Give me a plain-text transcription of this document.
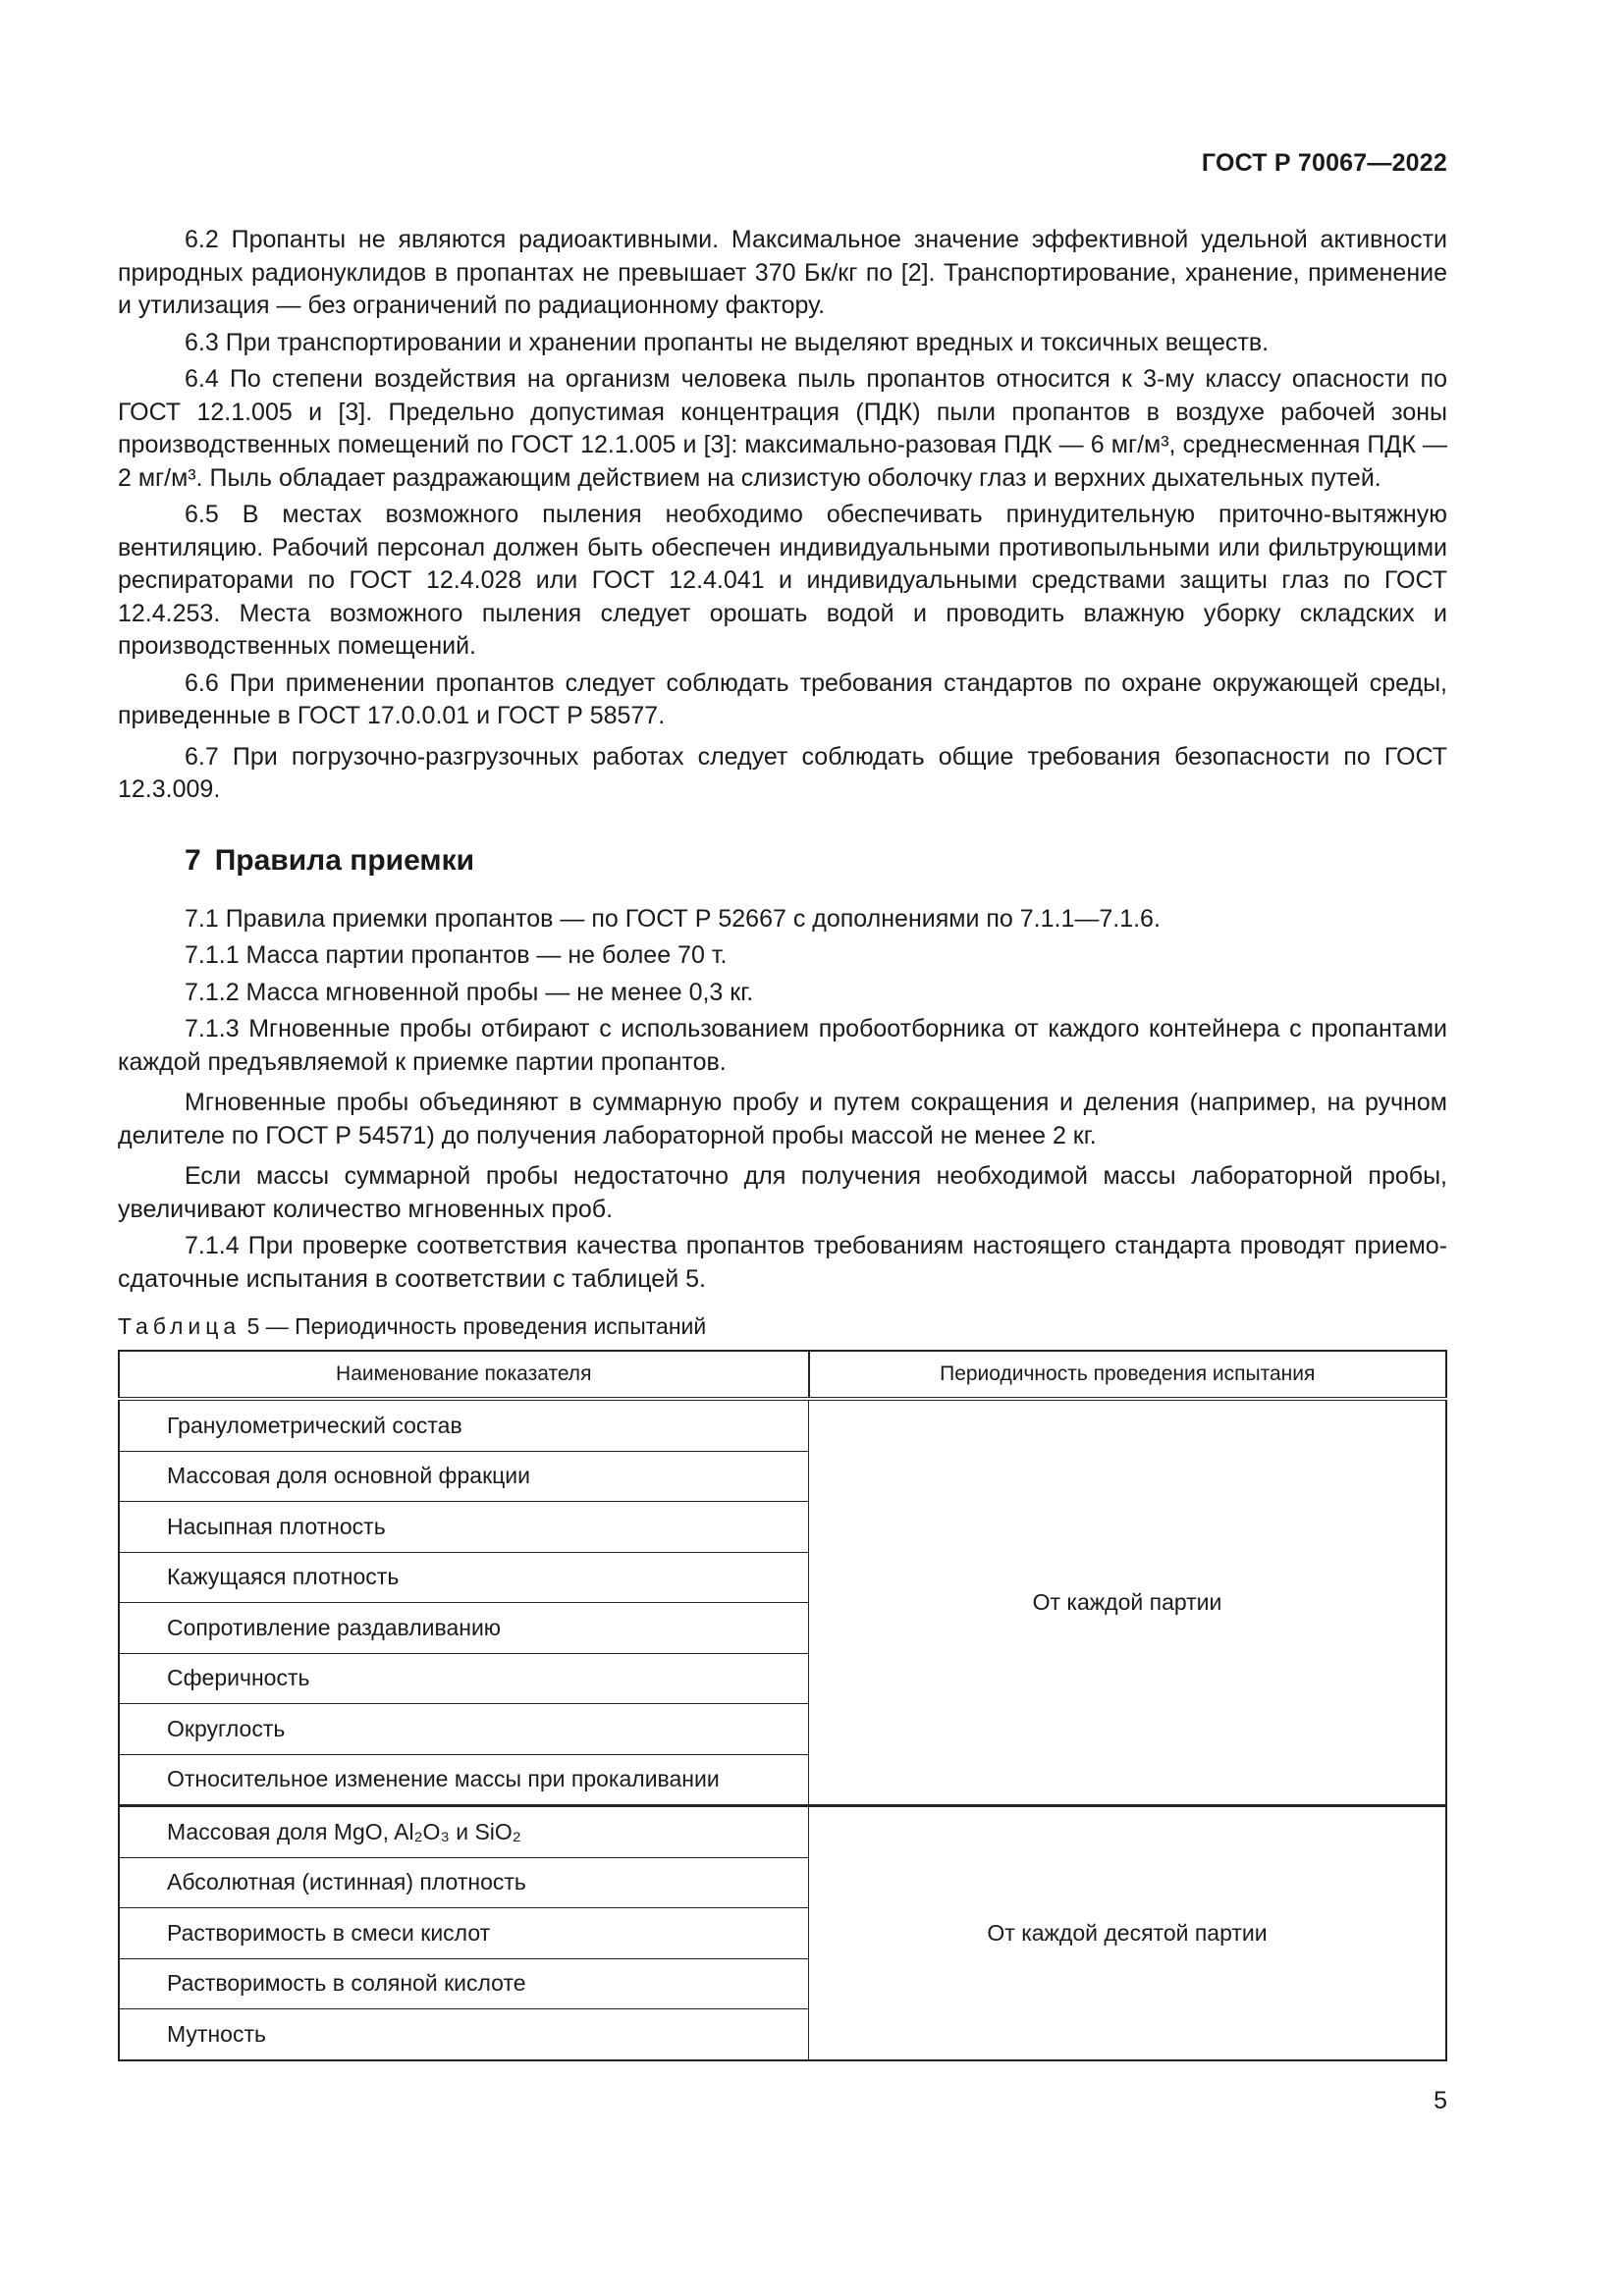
ГОСТ Р 70067—2022

6.2 Пропанты не являются радиоактивными. Максимальное значение эффективной удельной активности природных радионуклидов в пропантах не превышает 370 Бк/кг по [2]. Транспортирование, хранение, применение и утилизация — без ограничений по радиационному фактору.

6.3 При транспортировании и хранении пропанты не выделяют вредных и токсичных веществ.

6.4 По степени воздействия на организм человека пыль пропантов относится к 3-му классу опасности по ГОСТ 12.1.005 и [3]. Предельно допустимая концентрация (ПДК) пыли пропантов в воздухе рабочей зоны производственных помещений по ГОСТ 12.1.005 и [3]: максимально-разовая ПДК — 6 мг/м³, среднесменная ПДК — 2 мг/м³. Пыль обладает раздражающим действием на слизистую оболочку глаз и верхних дыхательных путей.

6.5 В местах возможного пыления необходимо обеспечивать принудительную приточно-вытяжную вентиляцию. Рабочий персонал должен быть обеспечен индивидуальными противопыльными или фильтрующими респираторами по ГОСТ 12.4.028 или ГОСТ 12.4.041 и индивидуальными средствами защиты глаз по ГОСТ 12.4.253. Места возможного пыления следует орошать водой и проводить влажную уборку складских и производственных помещений.

6.6 При применении пропантов следует соблюдать требования стандартов по охране окружающей среды, приведенные в ГОСТ 17.0.0.01 и ГОСТ Р 58577.

6.7 При погрузочно-разгрузочных работах следует соблюдать общие требования безопасности по ГОСТ 12.3.009.

7 Правила приемки

7.1 Правила приемки пропантов — по ГОСТ Р 52667 с дополнениями по 7.1.1—7.1.6.

7.1.1 Масса партии пропантов — не более 70 т.

7.1.2 Масса мгновенной пробы — не менее 0,3 кг.

7.1.3 Мгновенные пробы отбирают с использованием пробоотборника от каждого контейнера с пропантами каждой предъявляемой к приемке партии пропантов.

Мгновенные пробы объединяют в суммарную пробу и путем сокращения и деления (например, на ручном делителе по ГОСТ Р 54571) до получения лабораторной пробы массой не менее 2 кг.

Если массы суммарной пробы недостаточно для получения необходимой массы лабораторной пробы, увеличивают количество мгновенных проб.

7.1.4 При проверке соответствия качества пропантов требованиям настоящего стандарта проводят приемо-сдаточные испытания в соответствии с таблицей 5.

Таблица 5 — Периодичность проведения испытаний
Наименование показателя	Периодичность проведения испытания
Гранулометрический состав	От каждой партии
Массовая доля основной фракции	
Насыпная плотность	
Кажущаяся плотность	
Сопротивление раздавливанию	
Сферичность	
Округлость	
Относительное изменение массы при прокаливании	
Массовая доля MgO, Al₂O₃ и SiO₂	От каждой десятой партии
Абсолютная (истинная) плотность	
Растворимость в смеси кислот	
Растворимость в соляной кислоте	
Мутность	
5
